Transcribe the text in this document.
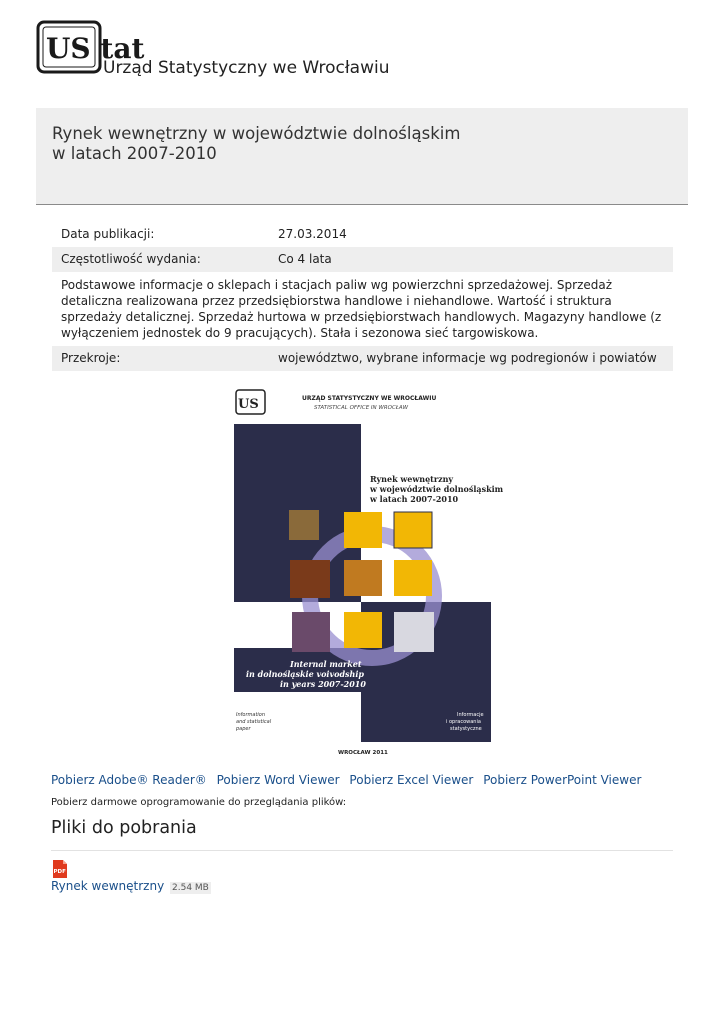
US tat
Urząd Statystyczny we Wrocławiu
Rynek wewnętrzny w województwie dolnośląskim
w latach 2007-2010
Data publikacji:	27.03.2014
Częstotliwość wydania:	Co 4 lata
Podstawowe informacje o sklepach i stacjach paliw wg powierzchni sprzedażowej. Sprzedaż detaliczna realizowana przez przedsiębiorstwa handlowe i niehandlowe. Wartość i struktura sprzedaży detalicznej. Sprzedaż hurtowa w przedsiębiorstwach handlowych. Magazyny handlowe (z wyłączeniem jednostek do 9 pracujących). Stała i sezonowa sieć targowiskowa.
Przekroje:	województwo, wybrane informacje wg podregionów i powiatów
US	URZĄD STATYSTYCZNY WE WROCŁAWIU
STATISTICAL OFFICE IN WROCŁAW
Rynek wewnętrzny
w województwie dolnośląskim
w latach 2007-2010
Internal market
in dolnośląskie voivodship
in years 2007-2010
Information
and statistical
paper
Informacje
i opracowania
statystyczne
WROCŁAW 2011
Pobierz Adobe® Reader® Pobierz Word Viewer Pobierz Excel Viewer Pobierz PowerPoint Viewer Pobierz darmowe oprogramowanie do przeglądania plików:
Pliki do pobrania
PDF
Rynek wewnętrzny 2.54 MB
